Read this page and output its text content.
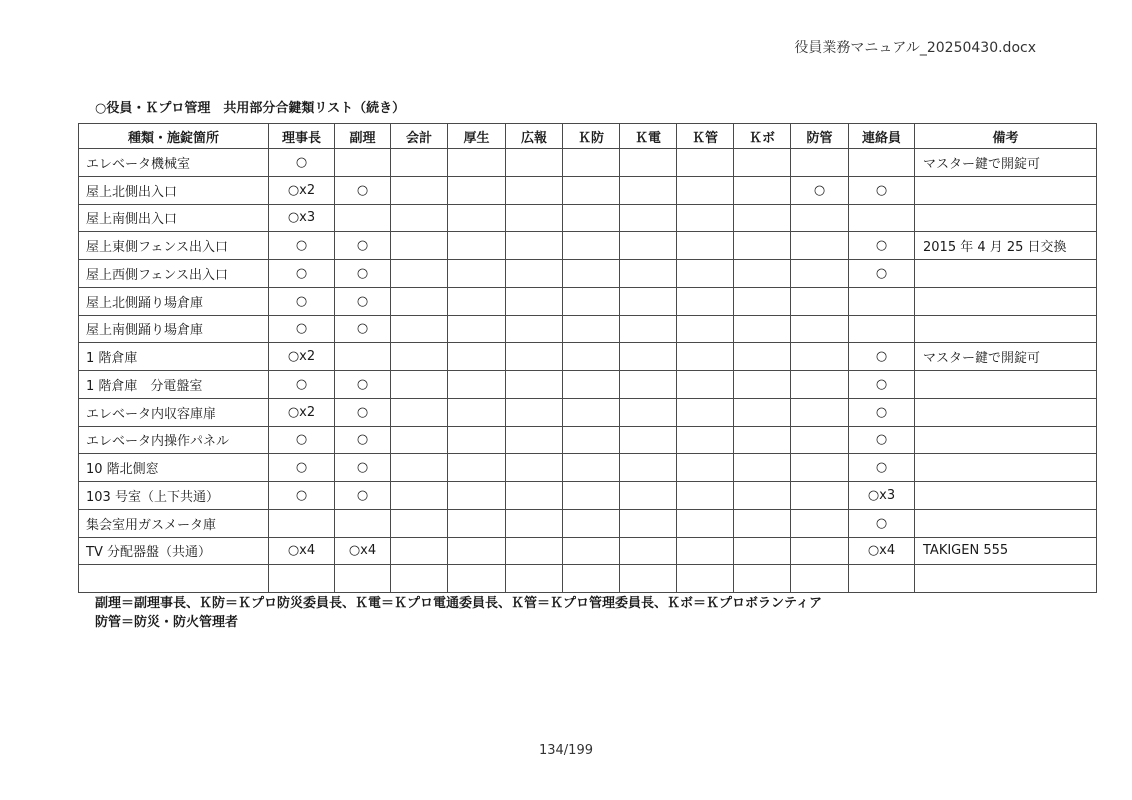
役員業務マニュアル_20250430.docx
○役員・Ｋプロ管理　共用部分合鍵類リスト（続き）
種類・施錠箇所	理事長	副理	会計	厚生	広報	Ｋ防	Ｋ電	Ｋ管	Ｋボ	防管	連絡員	備考
エレベータ機械室	○											マスター鍵で開錠可
屋上北側出入口	○x2	○								○	○	
屋上南側出入口	○x3											
屋上東側フェンス出入口	○	○									○	2015 年 4 月 25 日交換
屋上西側フェンス出入口	○	○									○	
屋上北側踊り場倉庫	○	○										
屋上南側踊り場倉庫	○	○										
1 階倉庫	○x2										○	マスター鍵で開錠可
1 階倉庫　分電盤室	○	○									○	
エレベータ内収容庫扉	○x2	○									○	
エレベータ内操作パネル	○	○									○	
10 階北側窓	○	○									○	
103 号室（上下共通）	○	○									○x3	
集会室用ガスメータ庫											○	
TV 分配器盤（共通）	○x4	○x4									○x4	TAKIGEN 555

副理＝副理事長、Ｋ防＝Ｋプロ防災委員長、Ｋ電＝Ｋプロ電通委員長、Ｋ管＝Ｋプロ管理委員長、Ｋボ＝Ｋプロボランティア
防管＝防災・防火管理者
134/199
